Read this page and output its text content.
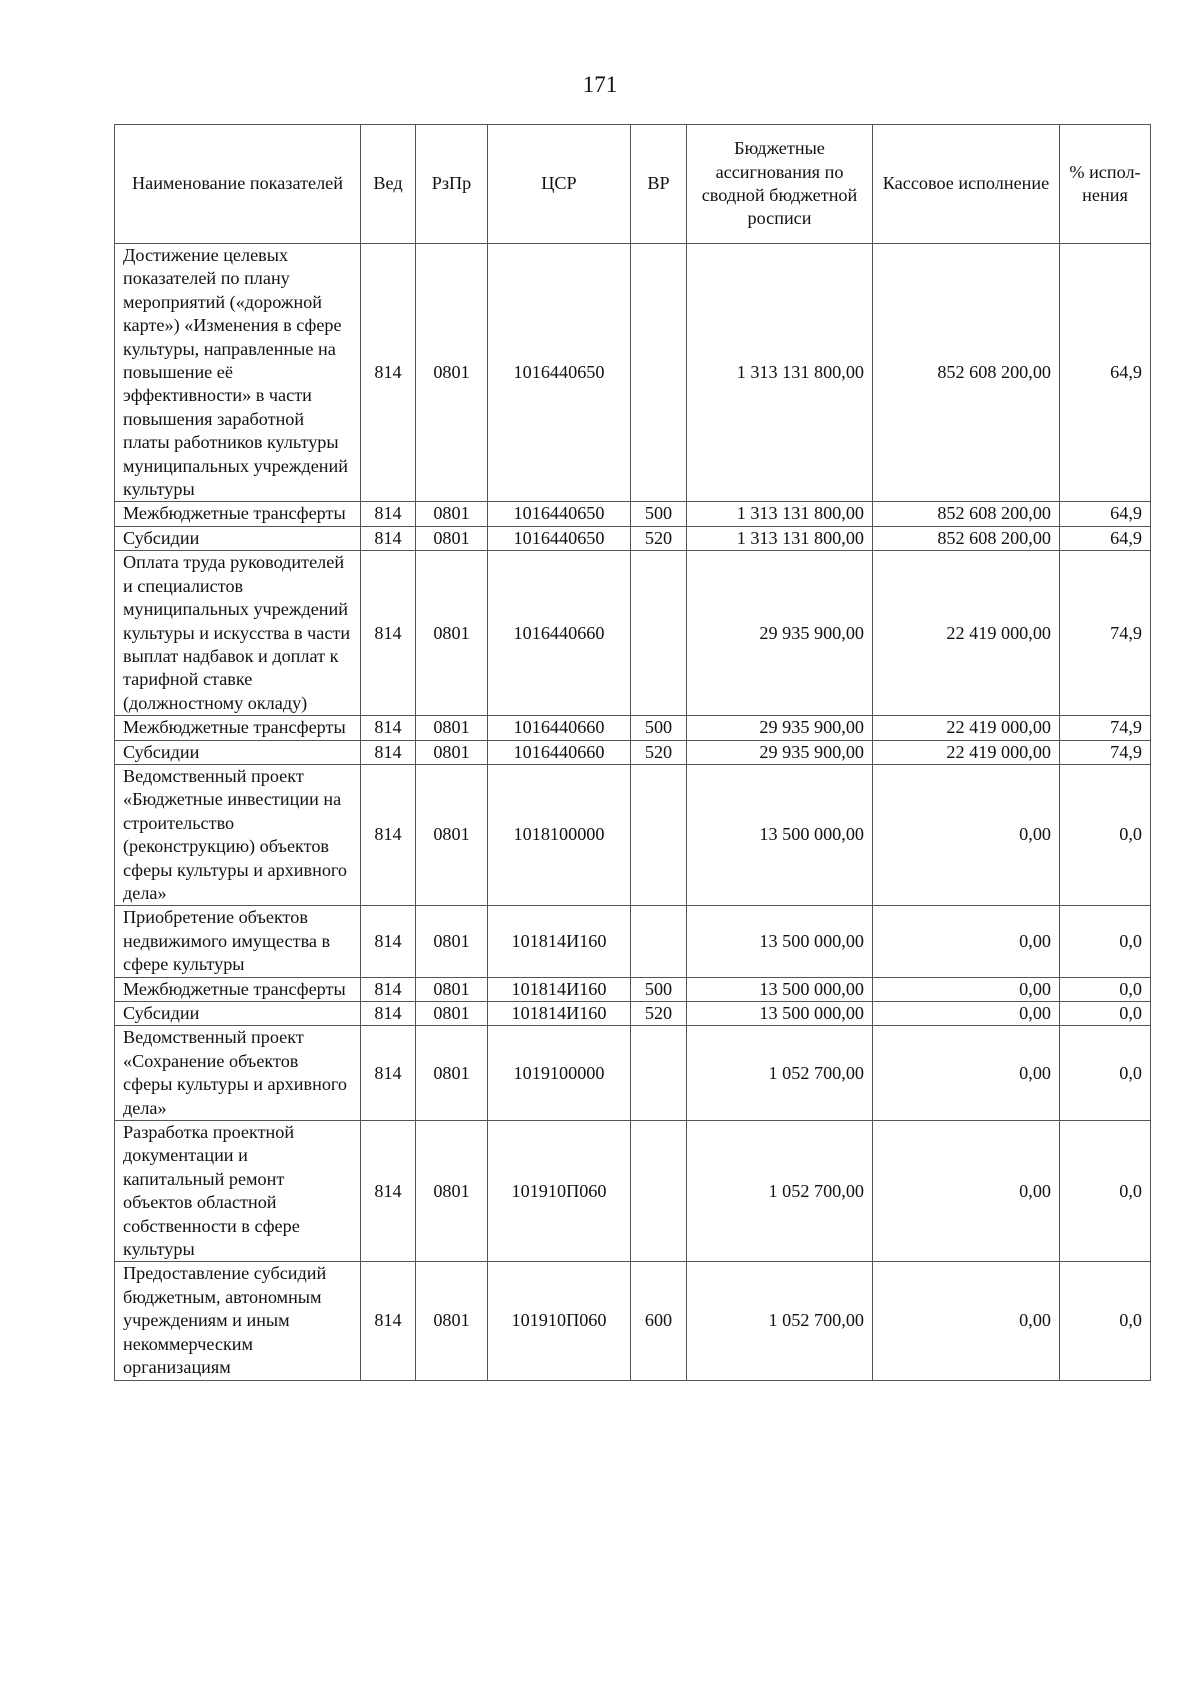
171
Наименование показателей	Вед	РзПр	ЦСР	ВР	Бюджетные ассигнования по сводной бюджетной росписи	Кассовое исполнение	% испол-нения
Достижение целевых показателей по плану мероприятий («дорожной карте») «Изменения в сфере культуры, направленные на повышение её эффективности» в части повышения заработной платы работников культуры муниципальных учреждений культуры	814	0801	1016440650		1 313 131 800,00	852 608 200,00	64,9
Межбюджетные трансферты	814	0801	1016440650	500	1 313 131 800,00	852 608 200,00	64,9
Субсидии	814	0801	1016440650	520	1 313 131 800,00	852 608 200,00	64,9
Оплата труда руководителей и специалистов муниципальных учреждений культуры и искусства в части выплат надбавок и доплат к тарифной ставке (должностному окладу)	814	0801	1016440660		29 935 900,00	22 419 000,00	74,9
Межбюджетные трансферты	814	0801	1016440660	500	29 935 900,00	22 419 000,00	74,9
Субсидии	814	0801	1016440660	520	29 935 900,00	22 419 000,00	74,9
Ведомственный проект «Бюджетные инвестиции на строительство (реконструкцию) объектов сферы культуры и архивного дела»	814	0801	1018100000		13 500 000,00	0,00	0,0
Приобретение объектов недвижимого имущества в сфере культуры	814	0801	101814И160		13 500 000,00	0,00	0,0
Межбюджетные трансферты	814	0801	101814И160	500	13 500 000,00	0,00	0,0
Субсидии	814	0801	101814И160	520	13 500 000,00	0,00	0,0
Ведомственный проект «Сохранение объектов сферы культуры и архивного дела»	814	0801	1019100000		1 052 700,00	0,00	0,0
Разработка проектной документации и капитальный ремонт объектов областной собственности в сфере культуры	814	0801	101910П060		1 052 700,00	0,00	0,0
Предоставление субсидий бюджетным, автономным учреждениям и иным некоммерческим организациям	814	0801	101910П060	600	1 052 700,00	0,00	0,0
